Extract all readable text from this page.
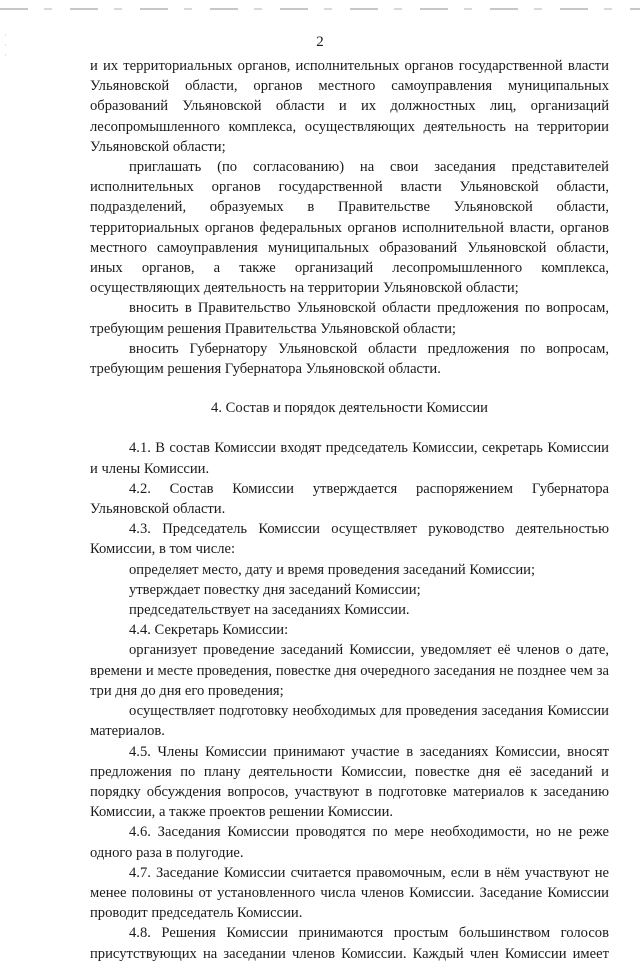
·
·
·
2

и их территориальных органов, исполнительных органов государственной власти Ульяновской области, органов местного самоуправления муниципальных образований Ульяновской области и их должностных лиц, организаций лесопромышленного комплекса, осуществляющих деятельность на территории Ульяновской области;

приглашать (по согласованию) на свои заседания представителей исполнительных органов государственной власти Ульяновской области, подразделений, образуемых в Правительстве Ульяновской области, территориальных органов федеральных органов исполнительной власти, органов местного самоуправления муниципальных образований Ульяновской области, иных органов, а также организаций лесопромышленного комплекса, осуществляющих деятельность на территории Ульяновской области;

вносить в Правительство Ульяновской области предложения по вопросам, требующим решения Правительства Ульяновской области;

вносить Губернатору Ульяновской области предложения по вопросам, требующим решения Губернатора Ульяновской области.

4. Состав и порядок деятельности Комиссии

4.1. В состав Комиссии входят председатель Комиссии, секретарь Комиссии и члены Комиссии.

4.2. Состав Комиссии утверждается распоряжением Губернатора Ульяновской области.

4.3. Председатель Комиссии осуществляет руководство деятельностью Комиссии, в том числе:

определяет место, дату и время проведения заседаний Комиссии;

утверждает повестку дня заседаний Комиссии;

председательствует на заседаниях Комиссии.

4.4. Секретарь Комиссии:

организует проведение заседаний Комиссии, уведомляет её членов о дате, времени и месте проведения, повестке дня очередного заседания не позднее чем за три дня до дня его проведения;

осуществляет подготовку необходимых для проведения заседания Комиссии материалов.

4.5. Члены Комиссии принимают участие в заседаниях Комиссии, вносят предложения по плану деятельности Комиссии, повестке дня её заседаний и порядку обсуждения вопросов, участвуют в подготовке материалов к заседанию Комиссии, а также проектов решении Комиссии.

4.6. Заседания Комиссии проводятся по мере необходимости, но не реже одного раза в полугодие.

4.7. Заседание Комиссии считается правомочным, если в нём участвуют не менее половины от установленного числа членов Комиссии. Заседание Комиссии проводит председатель Комиссии.

4.8. Решения Комиссии принимаются простым большинством голосов присутствующих на заседании членов Комиссии. Каждый член Комиссии имеет
